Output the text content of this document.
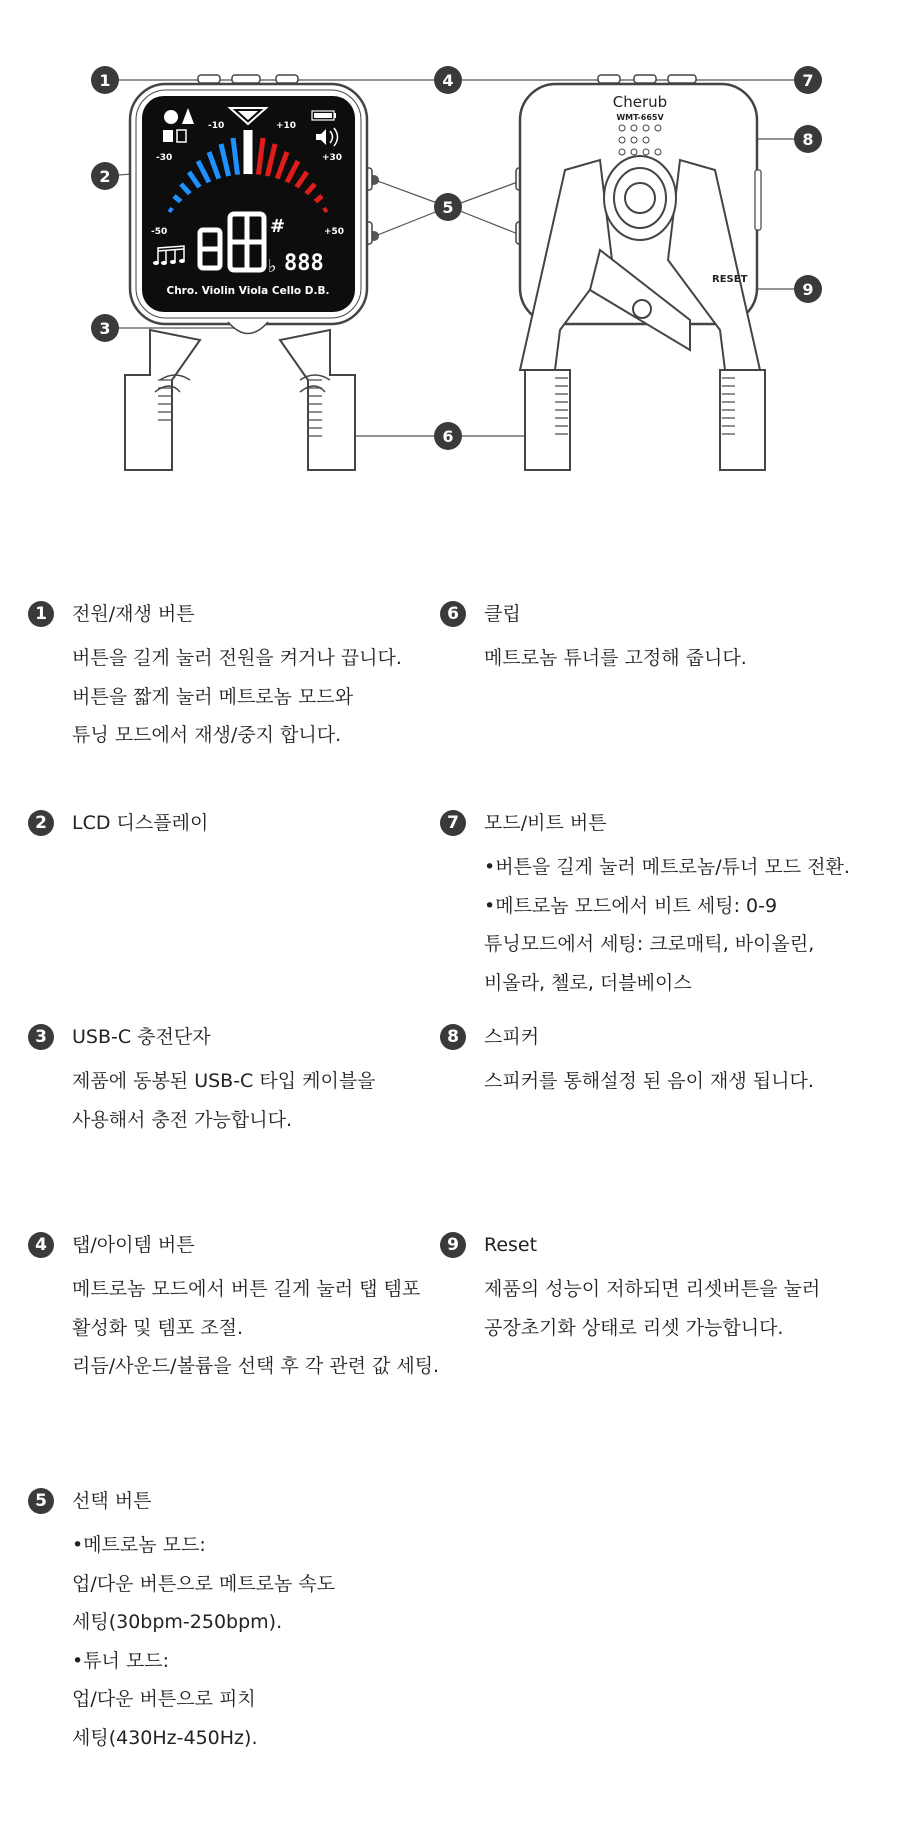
-10	+10
-30	+30
-50	+50
#
♭ 888
Chro. Violin Viola Cello D.B.
Cherub
WMT-665V
RESET
1
2
3
4
5
6
7
8
9
1	전원/재생 버튼
버튼을 길게 눌러 전원을 켜거나 끕니다.
버튼을 짧게 눌러 메트로놈 모드와
튜닝 모드에서 재생/중지 합니다.
2	LCD 디스플레이
3	USB-C 충전단자
제품에 동봉된 USB-C 타입 케이블을
사용해서 충전 가능합니다.
4	탭/아이템 버튼
메트로놈 모드에서 버튼 길게 눌러 탭 템포
활성화 및 템포 조절.
리듬/사운드/볼륨을 선택 후 각 관련 값 세팅.
5	선택 버튼
•메트로놈 모드:
업/다운 버튼으로 메트로놈 속도
세팅(30bpm-250bpm).
•튜너 모드:
업/다운 버튼으로 피치
세팅(430Hz-450Hz).
6	클립
메트로놈 튜너를 고정해 줍니다.
7	모드/비트 버튼
•버튼을 길게 눌러 메트로놈/튜너 모드 전환.
•메트로놈 모드에서 비트 세팅: 0-9
튜닝모드에서 세팅: 크로매틱, 바이올린,
비올라, 첼로, 더블베이스
8	스피커
스피커를 통해설정 된 음이 재생 됩니다.
9	Reset
제품의 성능이 저하되면 리셋버튼을 눌러
공장초기화 상태로 리셋 가능합니다.
